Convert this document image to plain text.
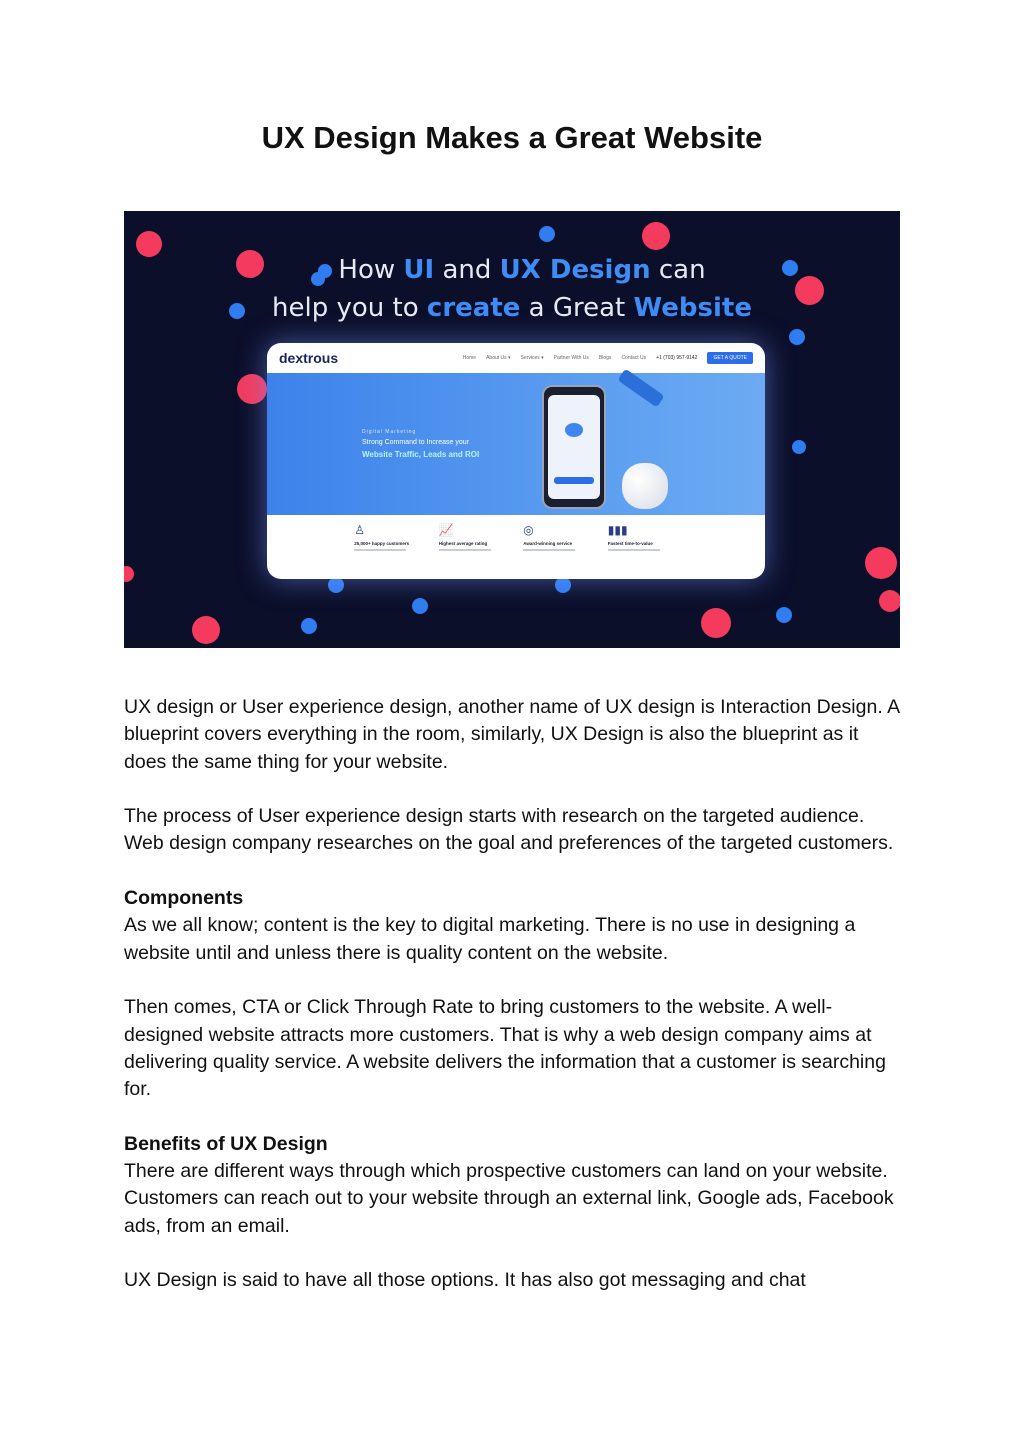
UX Design Makes a Great Website
How UI and UX Design can
help you to create a Great Website
dextrous	Home About Us ▾ Services ▾ Partner With Us Blogs Contact Us +1 (703) 957-9142	GET A QUOTE
Digital Marketing
Strong Command to Increase your
Website Traffic, Leads and ROI
♙
25,000+ happy customers
📈
Highest average rating
◎
Award-winning service
▮▮▮
Fastest time-to-value

UX design or User experience design, another name of UX design is Interaction Design. A blueprint covers everything in the room, similarly, UX Design is also the blueprint as it does the same thing for your website.

The process of User experience design starts with research on the targeted audience. Web design company researches on the goal and preferences of the targeted customers.

Components

As we all know; content is the key to digital marketing. There is no use in designing a website until and unless there is quality content on the website.

Then comes, CTA or Click Through Rate to bring customers to the website. A well-designed website attracts more customers. That is why a web design company aims at delivering quality service. A website delivers the information that a customer is searching for.

Benefits of UX Design

There are different ways through which prospective customers can land on your website. Customers can reach out to your website through an external link, Google ads, Facebook ads, from an email.

UX Design is said to have all those options. It has also got messaging and chat
